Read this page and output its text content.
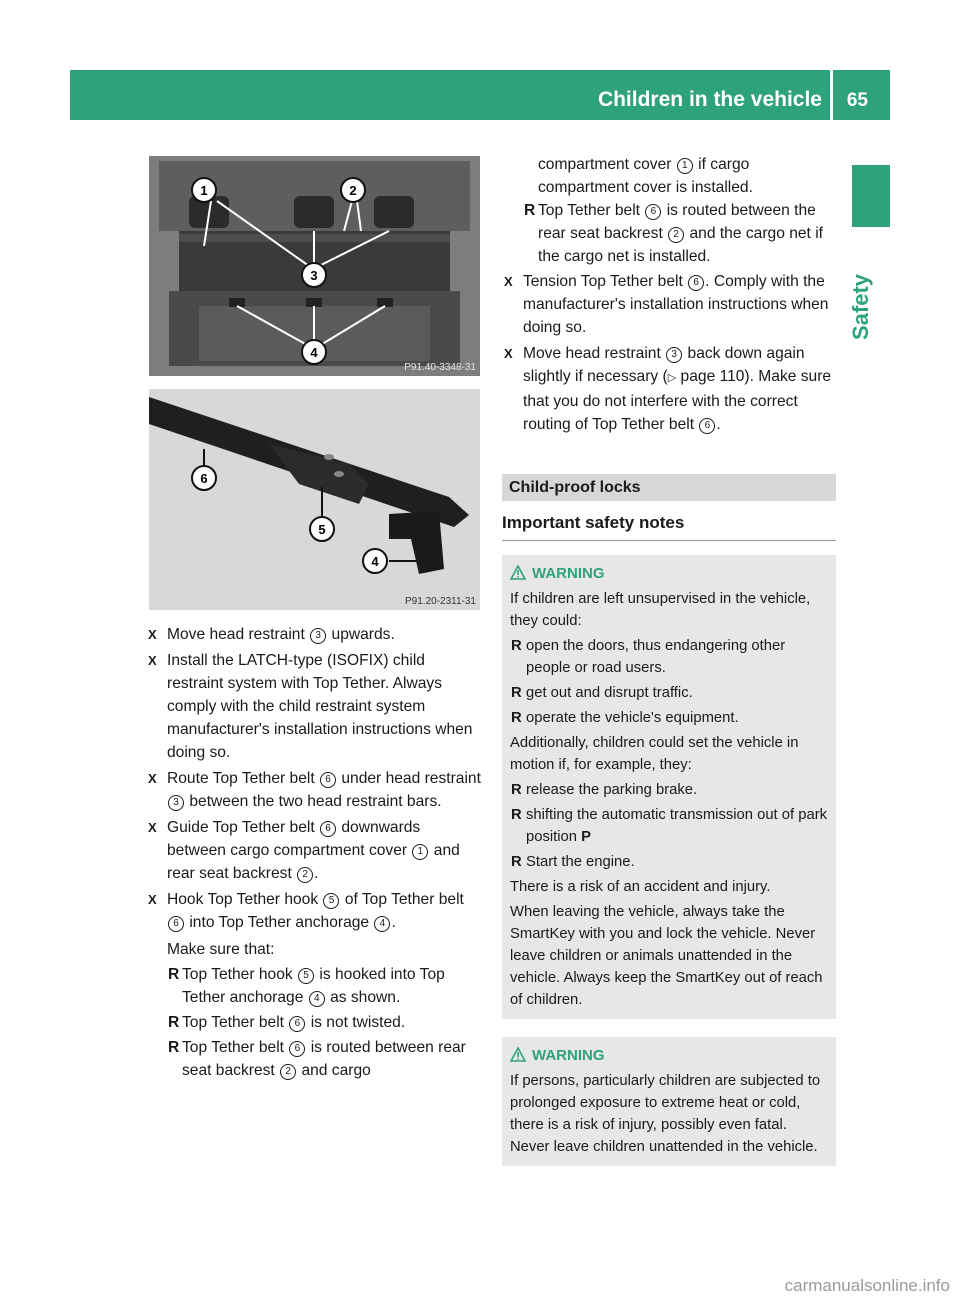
Children in the vehicle 65
Safety
1	2
3
4
P91.40-3348-31
6
5
4
P91.20-2311-31
X Move head restraint 3 upwards.
X Install the LATCH-type (ISOFIX) child restraint system with Top Tether. Always comply with the child restraint system manufacturer's installation instructions when doing so.
X Route Top Tether belt 6 under head restraint 3 between the two head restraint bars.
X Guide Top Tether belt 6 downwards between cargo compartment cover 1 and rear seat backrest 2 .
X Hook Top Tether hook 5 of Top Tether belt 6 into Top Tether anchorage 4 .
Make sure that:
R Top Tether hook 5 is hooked into Top Tether anchorage 4 as shown.
R Top Tether belt 6 is not twisted.
R Top Tether belt 6 is routed between rear seat backrest 2 and cargo
compartment cover 1 if cargo compartment cover is installed.
R Top Tether belt 6 is routed between the rear seat backrest 2 and the cargo net if the cargo net is installed.
X Tension Top Tether belt 6 . Comply with the manufacturer's installation instructions when doing so.
X Move head restraint 3 back down again slightly if necessary (▷ page 110). Make sure that you do not interfere with the correct routing of Top Tether belt 6 .
Child-proof locks
Important safety notes
WARNING
If children are left unsupervised in the vehicle, they could:
R open the doors, thus endangering other people or road users.
R get out and disrupt traffic.
R operate the vehicle's equipment.
Additionally, children could set the vehicle in motion if, for example, they:
R release the parking brake.
R shifting the automatic transmission out of park position P
R Start the engine.
There is a risk of an accident and injury.
When leaving the vehicle, always take the SmartKey with you and lock the vehicle. Never leave children or animals unattended in the vehicle. Always keep the SmartKey out of reach of children.
WARNING
If persons, particularly children are subjected to prolonged exposure to extreme heat or cold, there is a risk of injury, possibly even fatal. Never leave children unattended in the vehicle.
carmanualsonline.info
